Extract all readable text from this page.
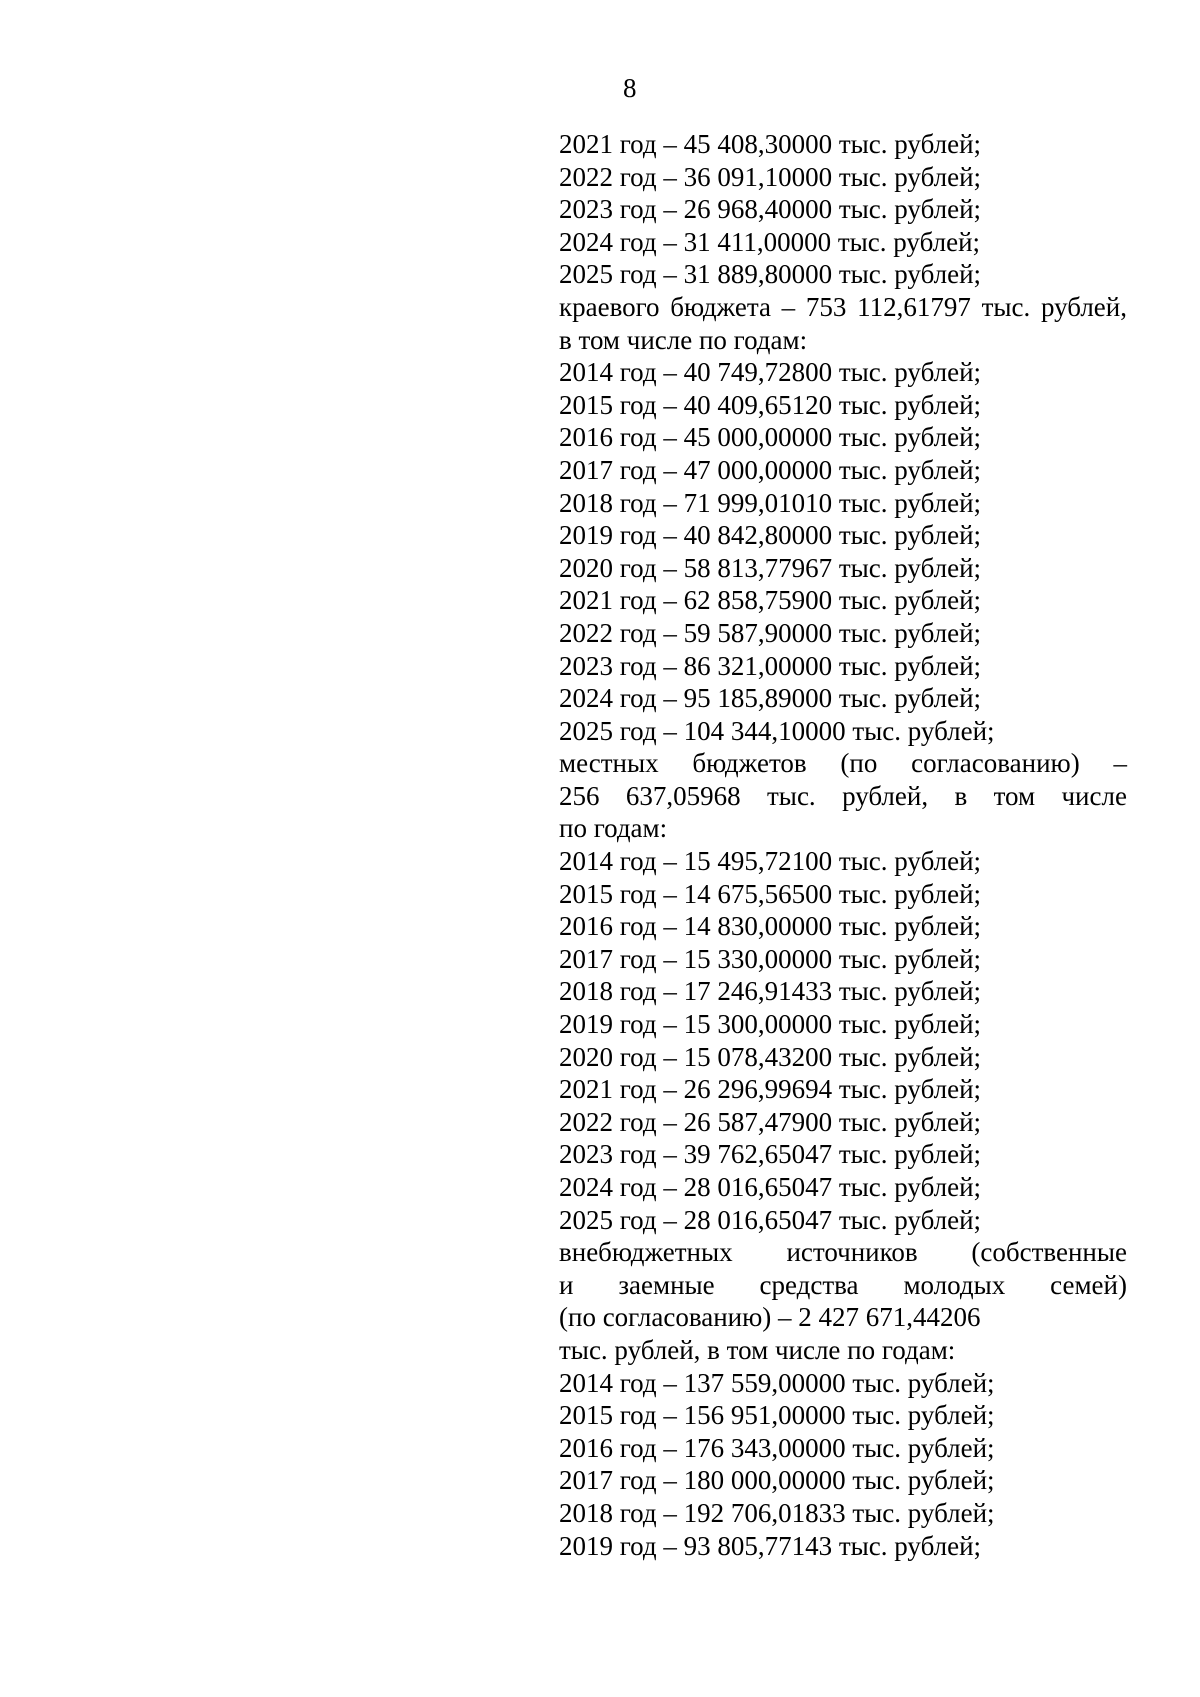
8
2021 год – 45 408,30000 тыс. рублей;
2022 год – 36 091,10000 тыс. рублей;
2023 год – 26 968,40000 тыс. рублей;
2024 год – 31 411,00000 тыс. рублей;
2025 год – 31 889,80000 тыс. рублей;
краевого бюджета – 753 112,61797 тыс. рублей,
в том числе по годам:
2014 год – 40 749,72800 тыс. рублей;
2015 год – 40 409,65120 тыс. рублей;
2016 год – 45 000,00000 тыс. рублей;
2017 год – 47 000,00000 тыс. рублей;
2018 год – 71 999,01010 тыс. рублей;
2019 год – 40 842,80000 тыс. рублей;
2020 год – 58 813,77967 тыс. рублей;
2021 год – 62 858,75900 тыс. рублей;
2022 год – 59 587,90000 тыс. рублей;
2023 год – 86 321,00000 тыс. рублей;
2024 год – 95 185,89000 тыс. рублей;
2025 год – 104 344,10000 тыс. рублей;
местных бюджетов (по согласованию) –
256 637,05968 тыс. рублей, в том числе
по годам:
2014 год – 15 495,72100 тыс. рублей;
2015 год – 14 675,56500 тыс. рублей;
2016 год – 14 830,00000 тыс. рублей;
2017 год – 15 330,00000 тыс. рублей;
2018 год – 17 246,91433 тыс. рублей;
2019 год – 15 300,00000 тыс. рублей;
2020 год – 15 078,43200 тыс. рублей;
2021 год – 26 296,99694 тыс. рублей;
2022 год – 26 587,47900 тыс. рублей;
2023 год – 39 762,65047 тыс. рублей;
2024 год – 28 016,65047 тыс. рублей;
2025 год – 28 016,65047 тыс. рублей;
внебюджетных источников (собственные
и заемные средства молодых семей)
(по согласованию) – 2 427 671,44206
тыс. рублей, в том числе по годам:
2014 год – 137 559,00000 тыс. рублей;
2015 год – 156 951,00000 тыс. рублей;
2016 год – 176 343,00000 тыс. рублей;
2017 год – 180 000,00000 тыс. рублей;
2018 год – 192 706,01833 тыс. рублей;
2019 год – 93 805,77143 тыс. рублей;
